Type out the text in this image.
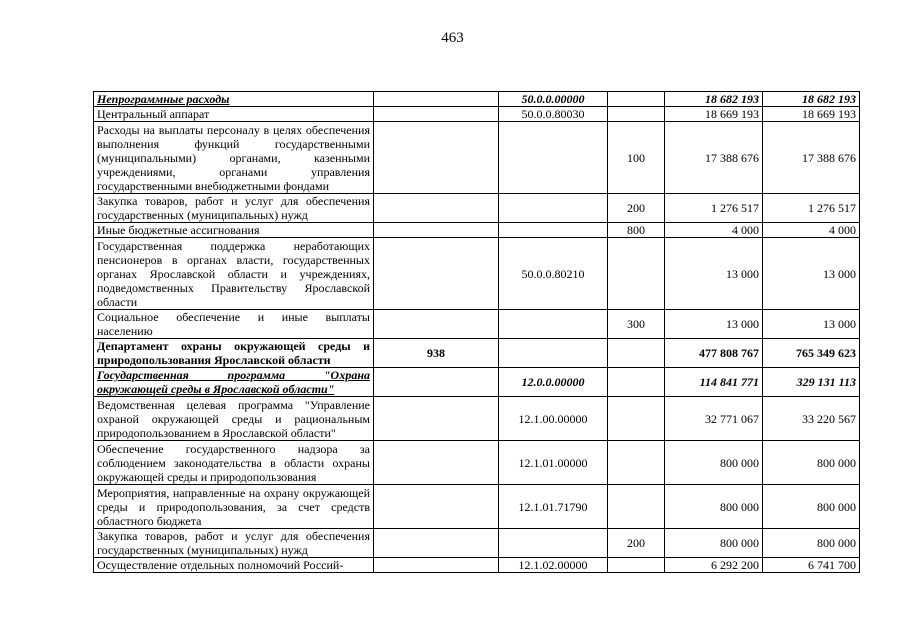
463
Непрограммные расходы		50.0.0.00000		18 682 193	18 682 193
Центральный аппарат		50.0.0.80030		18 669 193	18 669 193
Расходы на выплаты персоналу в целях обеспечения выполнения функций государственными (муниципальными) органами, казенными учреждениями, органами управления государственными внебюджетными фондами			100	17 388 676	17 388 676
Закупка товаров, работ и услуг для обеспечения государственных (муниципальных) нужд			200	1 276 517	1 276 517
Иные бюджетные ассигнования			800	4 000	4 000
Государственная поддержка неработающих пенсионеров в органах власти, государственных органах Ярославской области и учреждениях, подведомственных Правительству Ярославской области		50.0.0.80210		13 000	13 000
Социальное обеспечение и иные выплаты населению			300	13 000	13 000
Департамент охраны окружающей среды и природопользования Ярославской области	938			477 808 767	765 349 623
Государственная программа "Охрана окружающей среды в Ярославской области"		12.0.0.00000		114 841 771	329 131 113
Ведомственная целевая программа "Управление охраной окружающей среды и рациональным природопользованием в Ярославской области"		12.1.00.00000		32 771 067	33 220 567
Обеспечение государственного надзора за соблюдением законодательства в области охраны окружающей среды и природопользования		12.1.01.00000		800 000	800 000
Мероприятия, направленные на охрану окружающей среды и природопользования, за счет средств областного бюджета		12.1.01.71790		800 000	800 000
Закупка товаров, работ и услуг для обеспечения государственных (муниципальных) нужд			200	800 000	800 000
Осуществление отдельных полномочий Россий-		12.1.02.00000		6 292 200	6 741 700
